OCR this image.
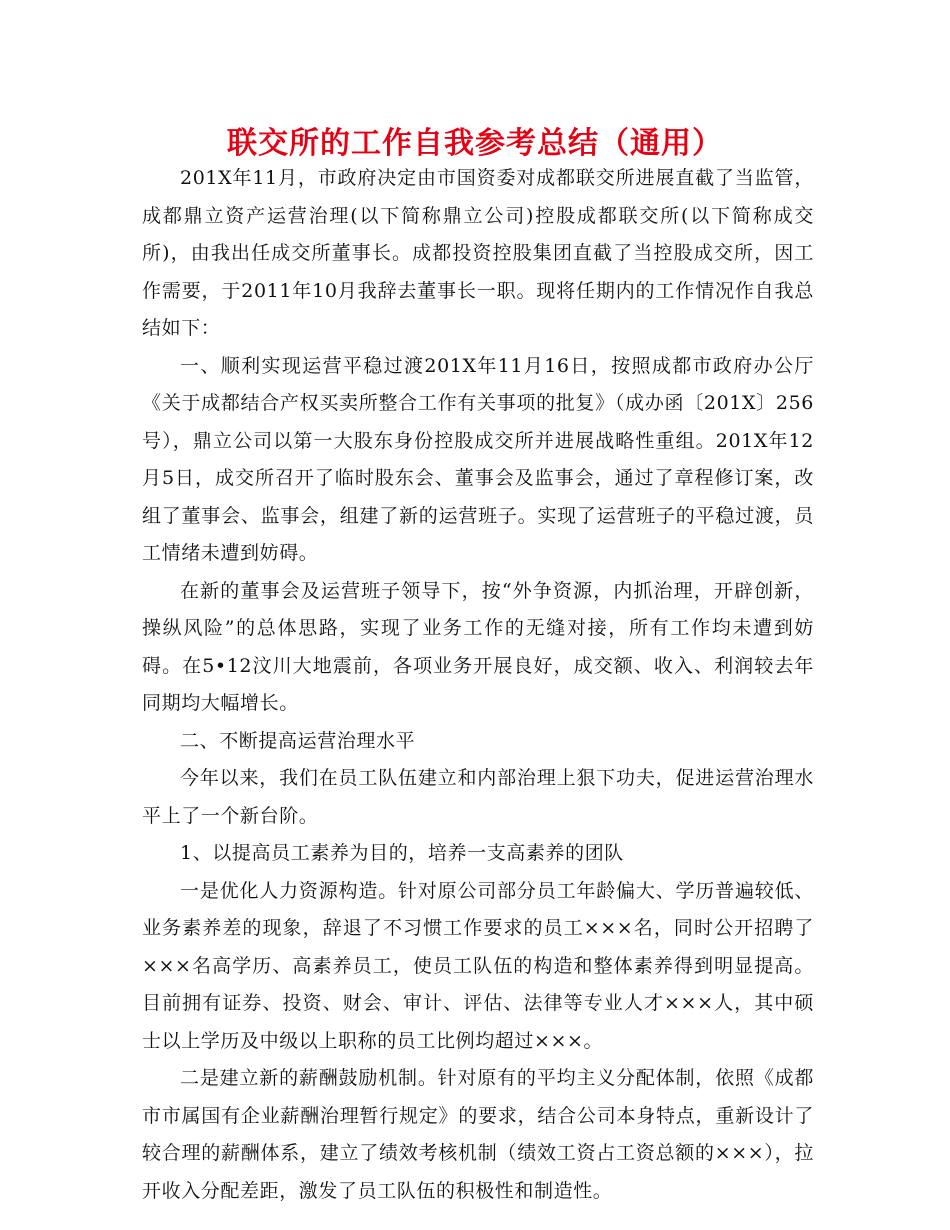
联交所的工作自我参考总结（通用）

201X年11月，市政府决定由市国资委对成都联交所进展直截了当监管，成都鼎立资产运营治理(以下简称鼎立公司)控股成都联交所(以下简称成交所)，由我出任成交所董事长。成都投资控股集团直截了当控股成交所，因工作需要，于2011年10月我辞去董事长一职。现将任期内的工作情况作自我总结如下：

一、顺利实现运营平稳过渡201X年11月16日，按照成都市政府办公厅《关于成都结合产权买卖所整合工作有关事项的批复》（成办函〔201X〕256号），鼎立公司以第一大股东身份控股成交所并进展战略性重组。201X年12月5日，成交所召开了临时股东会、董事会及监事会，通过了章程修订案，改组了董事会、监事会，组建了新的运营班子。实现了运营班子的平稳过渡，员工情绪未遭到妨碍。

在新的董事会及运营班子领导下，按“外争资源，内抓治理，开辟创新，操纵风险”的总体思路，实现了业务工作的无缝对接，所有工作均未遭到妨碍。在5•12汶川大地震前，各项业务开展良好，成交额、收入、利润较去年同期均大幅增长。

二、不断提高运营治理水平

今年以来，我们在员工队伍建立和内部治理上狠下功夫，促进运营治理水平上了一个新台阶。

1、以提高员工素养为目的，培养一支高素养的团队

一是优化人力资源构造。针对原公司部分员工年龄偏大、学历普遍较低、业务素养差的现象，辞退了不习惯工作要求的员工×××名，同时公开招聘了×××名高学历、高素养员工，使员工队伍的构造和整体素养得到明显提高。目前拥有证券、投资、财会、审计、评估、法律等专业人才×××人，其中硕士以上学历及中级以上职称的员工比例均超过×××。

二是建立新的薪酬鼓励机制。针对原有的平均主义分配体制，依照《成都市市属国有企业薪酬治理暂行规定》的要求，结合公司本身特点，重新设计了较合理的薪酬体系，建立了绩效考核机制（绩效工资占工资总额的×××），拉开收入分配差距，激发了员工队伍的积极性和制造性。
